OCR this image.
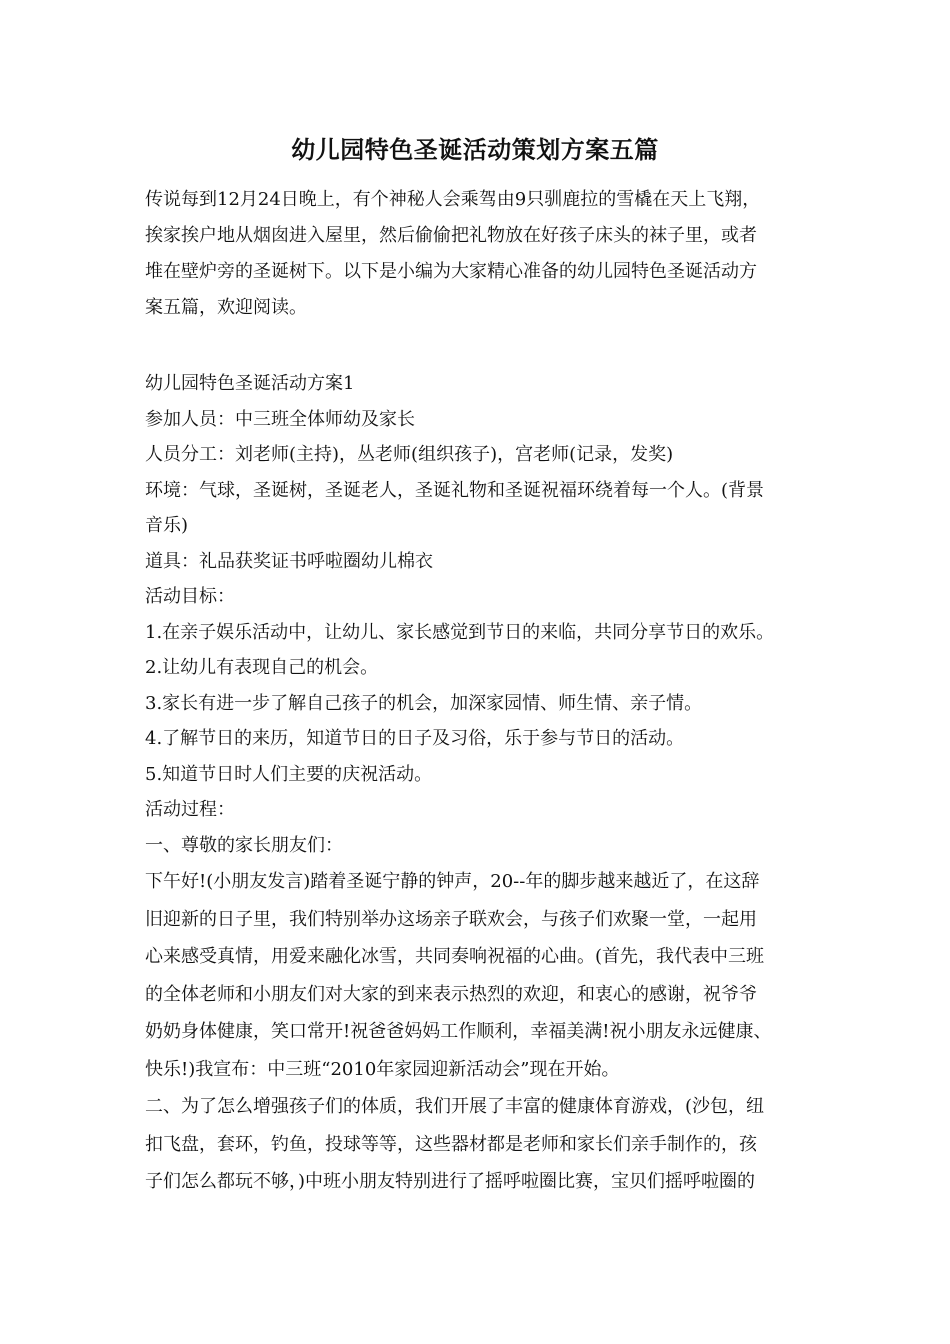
幼儿园特色圣诞活动策划方案五篇
传说每到12月24日晚上，有个神秘人会乘驾由9只驯鹿拉的雪橇在天上飞翔，
挨家挨户地从烟囱进入屋里，然后偷偷把礼物放在好孩子床头的袜子里，或者
堆在壁炉旁的圣诞树下。以下是小编为大家精心准备的幼儿园特色圣诞活动方
案五篇，欢迎阅读。
幼儿园特色圣诞活动方案1
参加人员：中三班全体师幼及家长
人员分工：刘老师(主持)，丛老师(组织孩子)，宫老师(记录，发奖)
环境：气球，圣诞树，圣诞老人，圣诞礼物和圣诞祝福环绕着每一个人。(背景
音乐)
道具：礼品获奖证书呼啦圈幼儿棉衣
活动目标：
1.在亲子娱乐活动中，让幼儿、家长感觉到节日的来临，共同分享节日的欢乐。
2.让幼儿有表现自己的机会。
3.家长有进一步了解自己孩子的机会，加深家园情、师生情、亲子情。
4.了解节日的来历，知道节日的日子及习俗，乐于参与节日的活动。
5.知道节日时人们主要的庆祝活动。
活动过程：
一、尊敬的家长朋友们：
下午好!(小朋友发言)踏着圣诞宁静的钟声，20--年的脚步越来越近了，在这辞
旧迎新的日子里，我们特别举办这场亲子联欢会，与孩子们欢聚一堂，一起用
心来感受真情，用爱来融化冰雪，共同奏响祝福的心曲。(首先，我代表中三班
的全体老师和小朋友们对大家的到来表示热烈的欢迎，和衷心的感谢，祝爷爷
奶奶身体健康，笑口常开!祝爸爸妈妈工作顺利，幸福美满!祝小朋友永远健康、
快乐!)我宣布：中三班“2010年家园迎新活动会”现在开始。
二、为了怎么增强孩子们的体质，我们开展了丰富的健康体育游戏，(沙包，纽
扣飞盘，套环，钓鱼，投球等等，这些器材都是老师和家长们亲手制作的，孩
子们怎么都玩不够，)中班小朋友特别进行了摇呼啦圈比赛，宝贝们摇呼啦圈的
